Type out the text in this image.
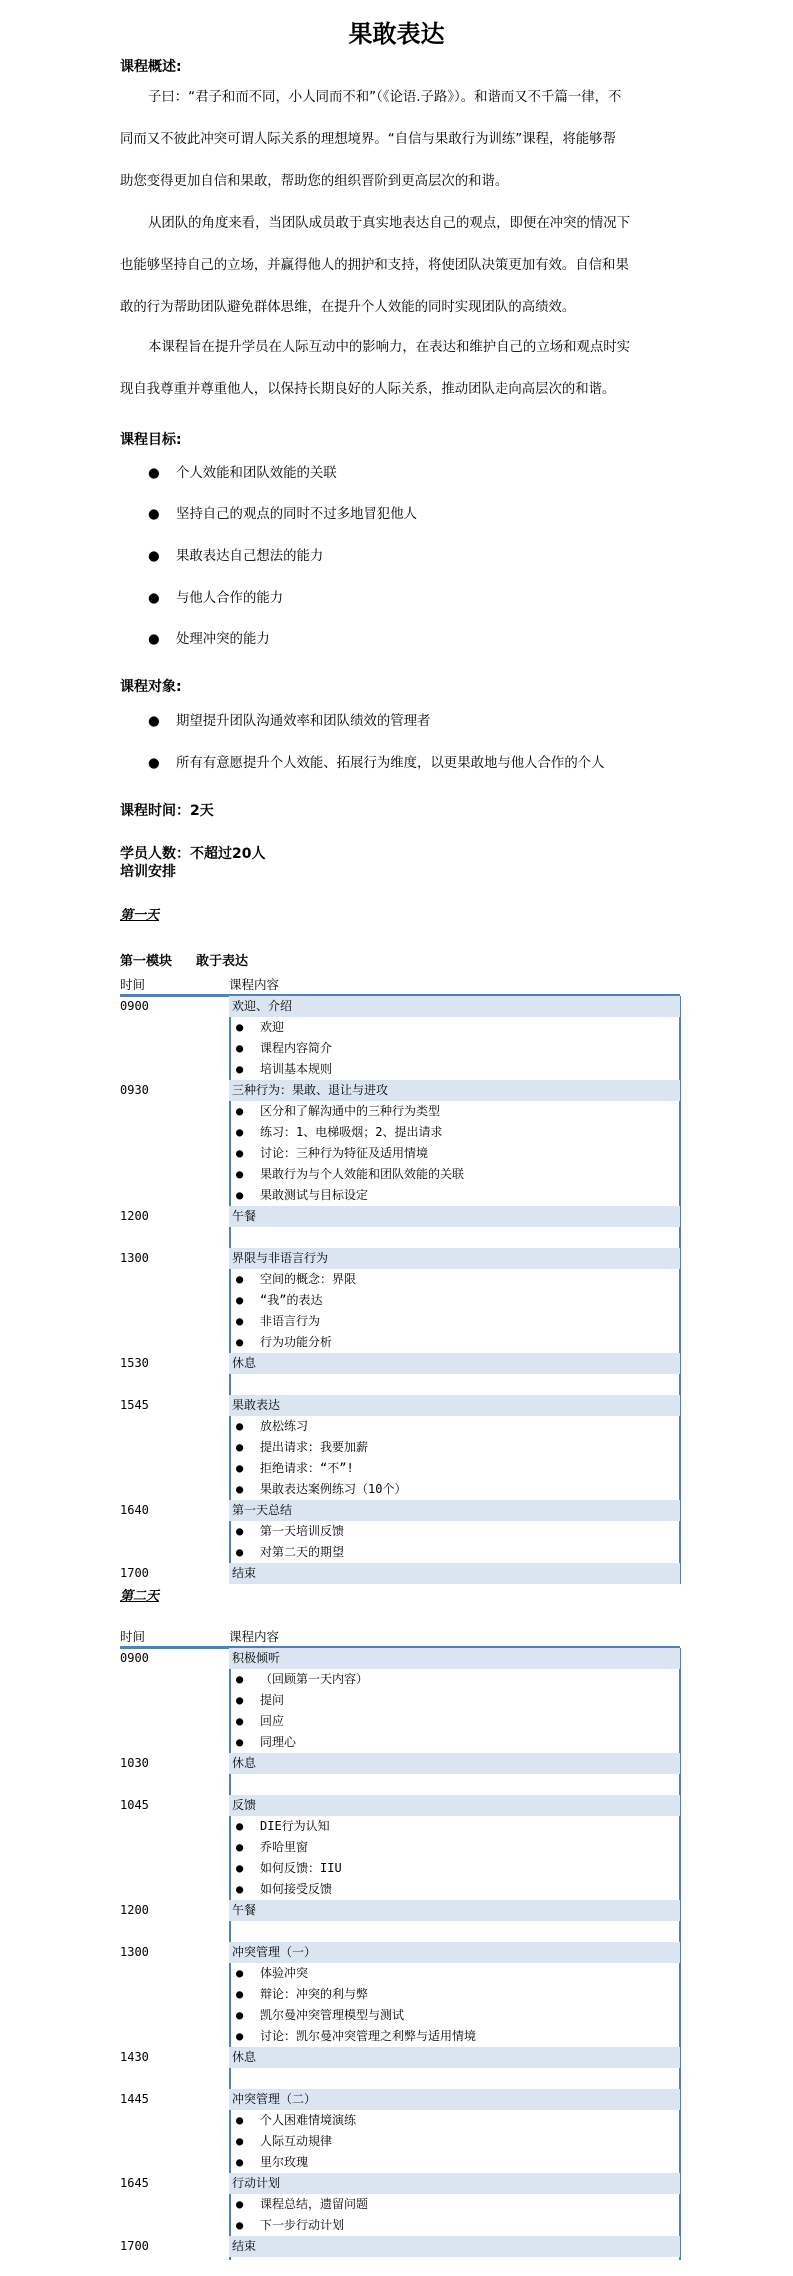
果敢表达
课程概述:
子曰：“君子和而不同，小人同而不和”（《论语.子路》）。和谐而又不千篇一律，不
同而又不彼此冲突可谓人际关系的理想境界。“自信与果敢行为训练”课程，将能够帮
助您变得更加自信和果敢，帮助您的组织晋阶到更高层次的和谐。
从团队的角度来看，当团队成员敢于真实地表达自己的观点，即便在冲突的情况下
也能够坚持自己的立场，并赢得他人的拥护和支持，将使团队决策更加有效。自信和果
敢的行为帮助团队避免群体思维，在提升个人效能的同时实现团队的高绩效。
本课程旨在提升学员在人际互动中的影响力，在表达和维护自己的立场和观点时实
现自我尊重并尊重他人，以保持长期良好的人际关系，推动团队走向高层次的和谐。
课程目标:
● 个人效能和团队效能的关联
● 坚持自己的观点的同时不过多地冒犯他人
● 果敢表达自己想法的能力
● 与他人合作的能力
● 处理冲突的能力
课程对象:
● 期望提升团队沟通效率和团队绩效的管理者
● 所有有意愿提升个人效能、拓展行为维度，以更果敢地与他人合作的个人
课程时间：2天
学员人数：不超过20人
培训安排
第一天
第一模块 敢于表达
时间	课程内容
0900	欢迎、介绍
● 欢迎
● 课程内容简介
● 培训基本规则
0930	三种行为：果敢、退让与进攻
● 区分和了解沟通中的三种行为类型
● 练习：1、电梯吸烟；2、提出请求
● 讨论：三种行为特征及适用情境
● 果敢行为与个人效能和团队效能的关联
● 果敢测试与目标设定
1200	午餐
1300	界限与非语言行为
● 空间的概念：界限
● “我”的表达
● 非语言行为
● 行为功能分析
1530	休息
1545	果敢表达
● 放松练习
● 提出请求：我要加薪
● 拒绝请求：“不”!
● 果敢表达案例练习（10个）
1640	第一天总结
● 第一天培训反馈
● 对第二天的期望
1700	结束
第二天
时间	课程内容
0900	积极倾听
● （回顾第一天内容）
● 提问
● 回应
● 同理心
1030	休息
1045	反馈
● DIE行为认知
● 乔哈里窗
● 如何反馈：IIU
● 如何接受反馈
1200	午餐
1300	冲突管理（一）
● 体验冲突
● 辩论：冲突的利与弊
● 凯尔曼冲突管理模型与测试
● 讨论：凯尔曼冲突管理之利弊与适用情境
1430	休息
1445	冲突管理（二）
● 个人困难情境演练
● 人际互动規律
● 里尔玫瑰
1645	行动计划
● 课程总结，遗留问题
● 下一步行动计划
1700	结束
